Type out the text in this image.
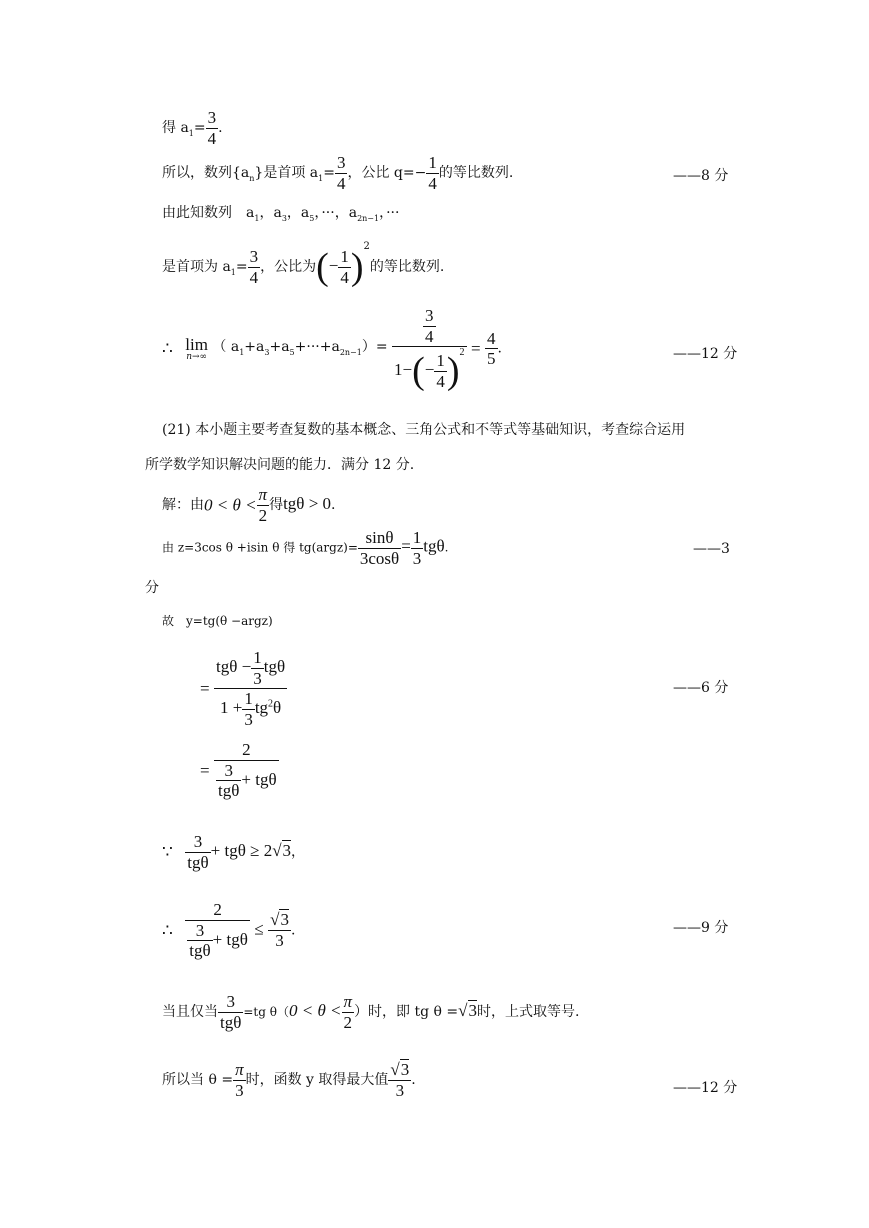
得 $a_1= \frac{3}{4}$ .
所以，数列$\{a_n\}$是首项 $a_1= \frac{3}{4}$ ，公比 $q=- \frac{1}{4}$ 的等比数列.	——8 分
由此知数列　$a_1$，$a_3$，$a_5$，···，$a_{2n-1}$，···
是首项为 $a_1= \frac{3}{4}$ ，公比为(− $\frac{1}{4} )^2$的等比数列.
∴ lim
n→∞
（ $a_1+a_3+a_5+\cdot\cdot\cdot+a_{2n-1})= \frac{\frac{3}{4}}{1-(- \frac{1}{4} )^2} = \frac{4}{5}$ .	——12 分
(21) 本小题主要考查复数的基本概念、三角公式和不等式等基础知识，考查综合运用
所学数学知识解决问题的能力．满分 12 分.
解：由$0 < \theta < \frac{\pi}{2}$ 得tgθ > 0.
由 z=3cos θ +isin θ 得 tg(argz)= $\frac{\sin\theta}{3\cos\theta} = \frac{1}{3} tg\theta$.	——3
分
故　y=tg(θ −argz)
= $\frac{tg\theta - \frac{1}{3} tg\theta}{1 + \frac{1}{3} tg^2\theta}$	——6 分
= $\frac{2}{\frac{3}{\text{tgθ}} + tg\theta}$
∵ $\frac{3}{\text{tgθ}} + tg\theta \ge 2√3$，
∴ $\frac{2}{\frac{3}{\text{tgθ}} + tg\theta} \le \frac{√3}{3}$ .	——9 分
当且仅当 $\frac{3}{\text{tgθ}} =tg$ $\theta(0 < \theta < \frac{\pi}{2}$ ）时，即 tg θ =√3时，上式取等号.
所以当 $\theta = \frac{\pi}{3}$ 时，函数 y 取得最大值 $\frac{√3}{3}$ .	——12 分
